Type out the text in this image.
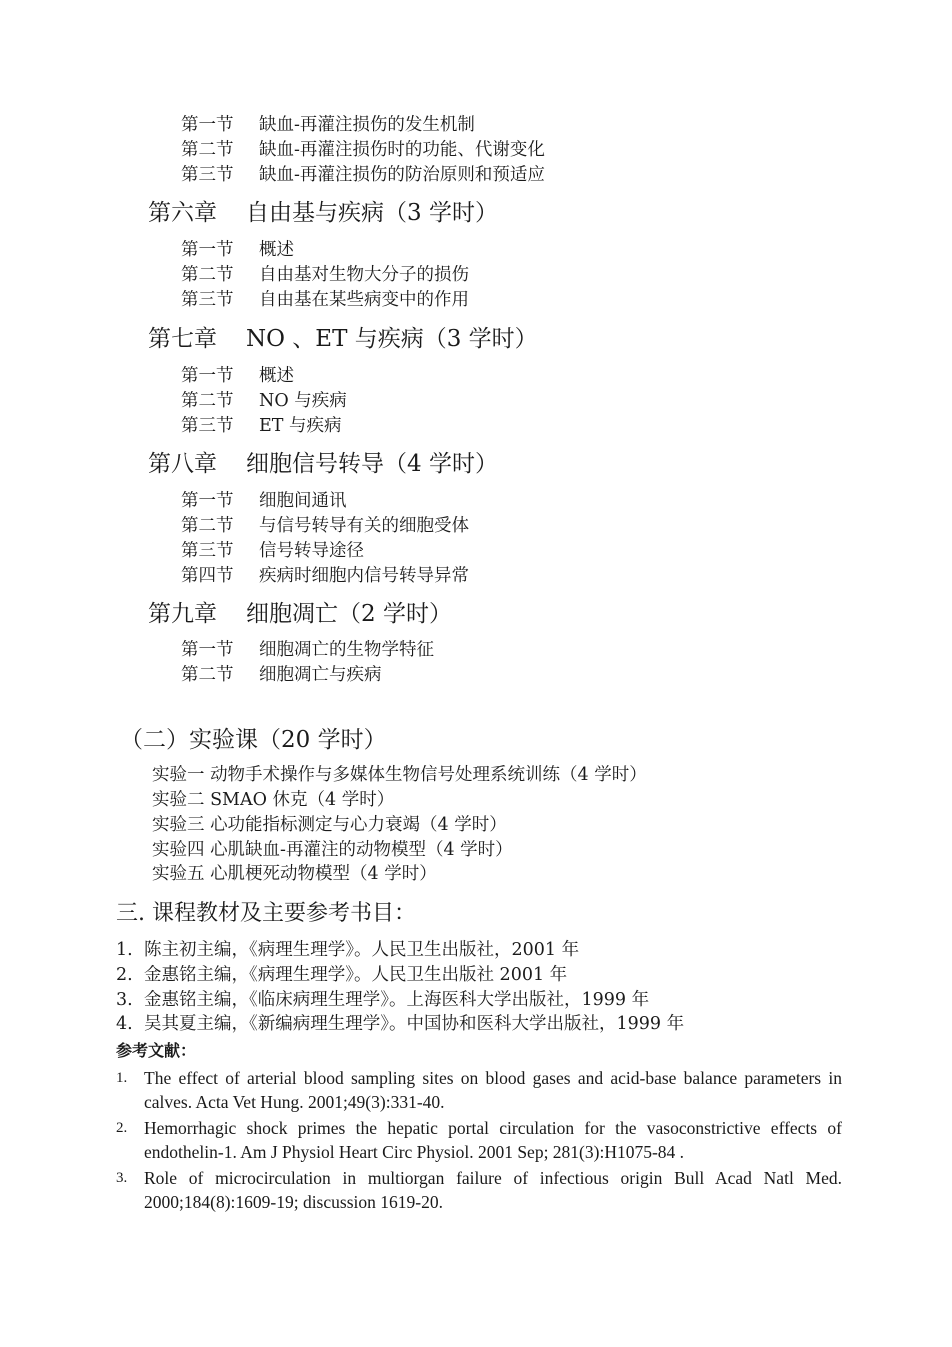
第一节 缺血-再灌注损伤的发生机制
第二节 缺血-再灌注损伤时的功能、代谢变化
第三节 缺血-再灌注损伤的防治原则和预适应
第六章 自由基与疾病（3 学时）
第一节 概述
第二节 自由基对生物大分子的损伤
第三节 自由基在某些病变中的作用
第七章 NO 、ET 与疾病（3 学时）
第一节 概述
第二节 NO 与疾病
第三节 ET 与疾病
第八章 细胞信号转导（4 学时）
第一节 细胞间通讯
第二节 与信号转导有关的细胞受体
第三节 信号转导途径
第四节 疾病时细胞内信号转导异常
第九章 细胞凋亡（2 学时）
第一节 细胞凋亡的生物学特征
第二节 细胞凋亡与疾病
（二）实验课（20 学时）
实验一 动物手术操作与多媒体生物信号处理系统训练（4 学时）
实验二 SMAO 休克（4 学时）
实验三 心功能指标测定与心力衰竭（4 学时）
实验四 心肌缺血-再灌注的动物模型（4 学时）
实验五 心肌梗死动物模型（4 学时）
三. 课程教材及主要参考书目：
1. 陈主初主编，《病理生理学》。人民卫生出版社，2001 年
2. 金惠铭主编，《病理生理学》。人民卫生出版社 2001 年
3. 金惠铭主编，《临床病理生理学》。上海医科大学出版社，1999 年
4. 吴其夏主编，《新编病理生理学》。中国协和医科大学出版社，1999 年
参考文献：
1. The effect of arterial blood sampling sites on blood gases and acid-base balance parameters in calves. Acta Vet Hung. 2001;49(3):331-40.
2. Hemorrhagic shock primes the hepatic portal circulation for the vasoconstrictive effects of endothelin-1. Am J Physiol Heart Circ Physiol. 2001 Sep; 281(3):H1075-84 .
3. Role of microcirculation in multiorgan failure of infectious origin Bull Acad Natl Med. 2000;184(8):1609-19; discussion 1619-20.
